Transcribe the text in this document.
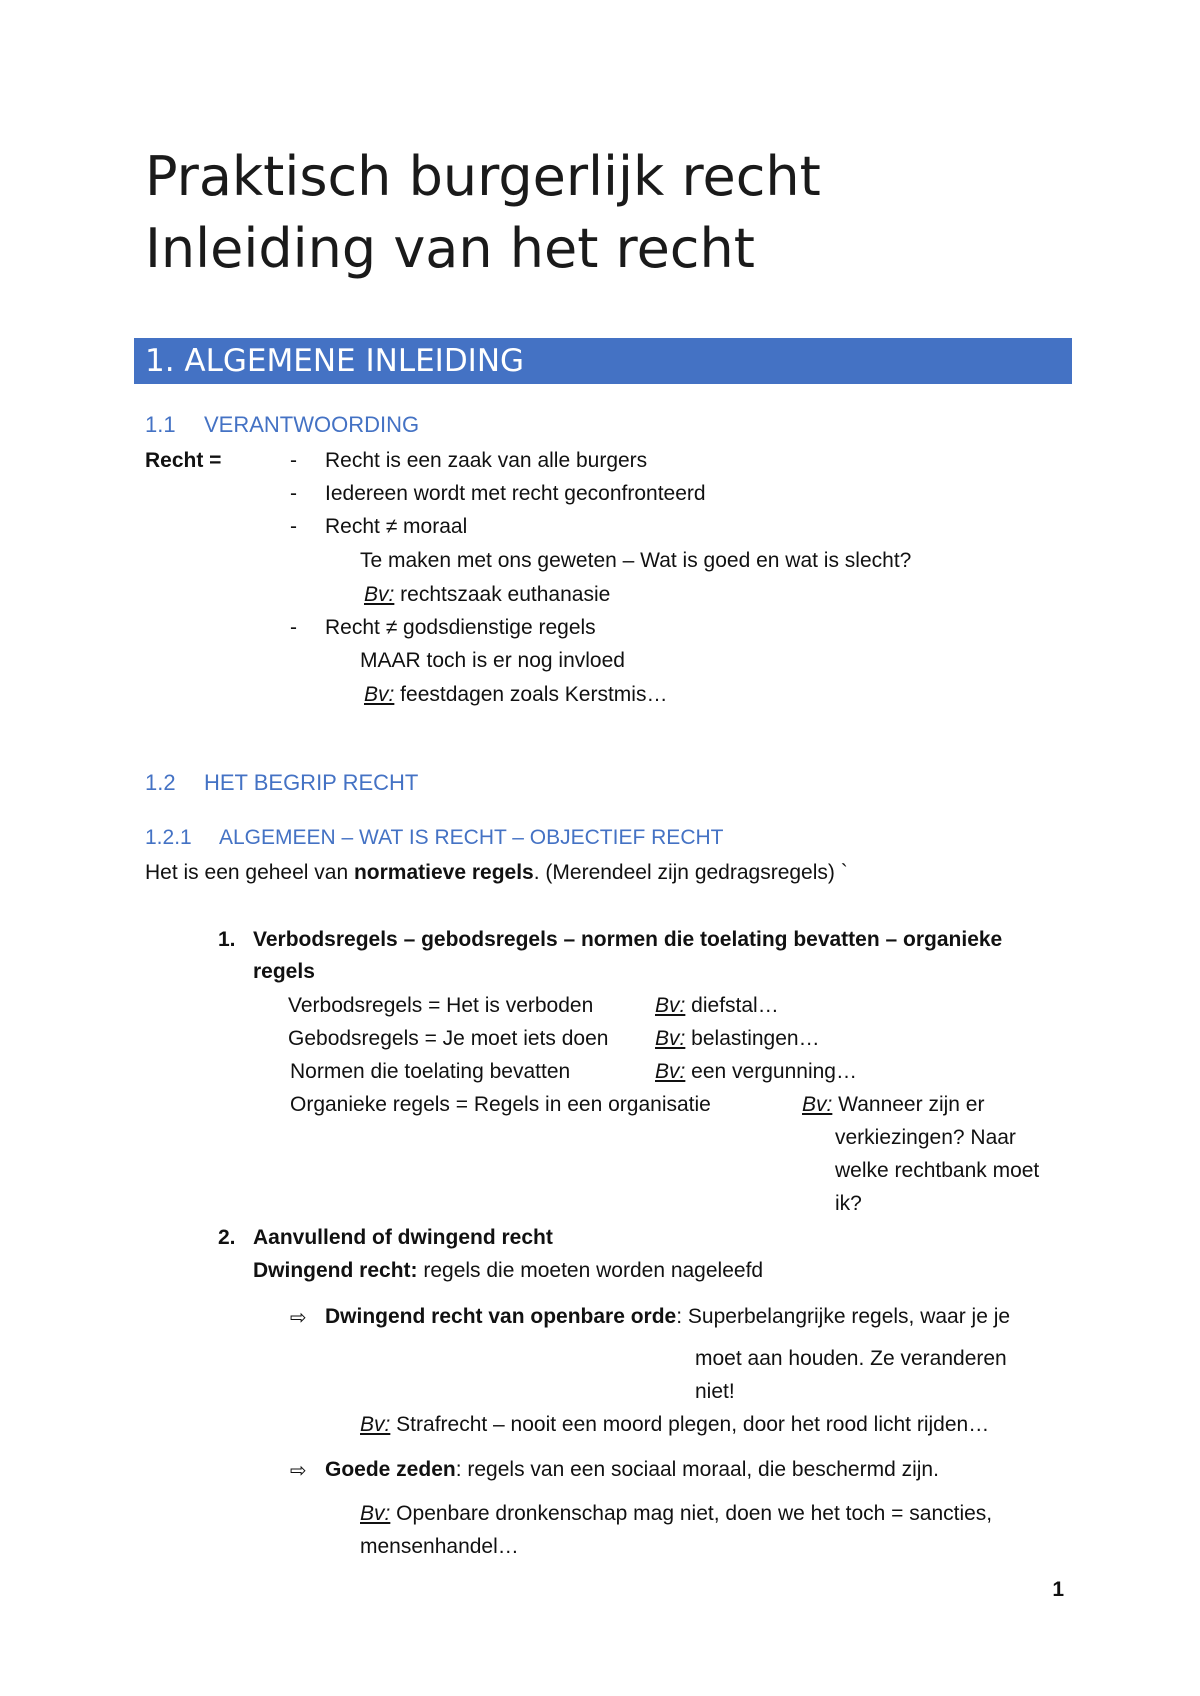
Praktisch burgerlijk recht
Inleiding van het recht
1. ALGEMENE INLEIDING
1.1 VERANTWOORDING
Recht =	- Recht is een zaak van alle burgers
- Iedereen wordt met recht geconfronteerd
- Recht ≠ moraal
Te maken met ons geweten – Wat is goed en wat is slecht?
Bv: rechtszaak euthanasie
- Recht ≠ godsdienstige regels
MAAR toch is er nog invloed
Bv: feestdagen zoals Kerstmis…
1.2 HET BEGRIP RECHT
1.2.1 ALGEMEEN – WAT IS RECHT – OBJECTIEF RECHT
Het is een geheel van normatieve regels. (Merendeel zijn gedragsregels) `
1. Verbodsregels – gebodsregels – normen die toelating bevatten – organieke
regels
Verbodsregels = Het is verboden	Bv: diefstal…
Gebodsregels = Je moet iets doen Bv: belastingen…
Normen die toelating bevatten	Bv: een vergunning…
Organieke regels = Regels in een organisatie	Bv: Wanneer zijn er
verkiezingen? Naar
welke rechtbank moet
ik?
2. Aanvullend of dwingend recht
Dwingend recht: regels die moeten worden nageleefd
⇨ Dwingend recht van openbare orde: Superbelangrijke regels, waar je je
moet aan houden. Ze veranderen
niet!
Bv: Strafrecht – nooit een moord plegen, door het rood licht rijden…
⇨ Goede zeden: regels van een sociaal moraal, die beschermd zijn.
Bv: Openbare dronkenschap mag niet, doen we het toch = sancties,
mensenhandel…
1
